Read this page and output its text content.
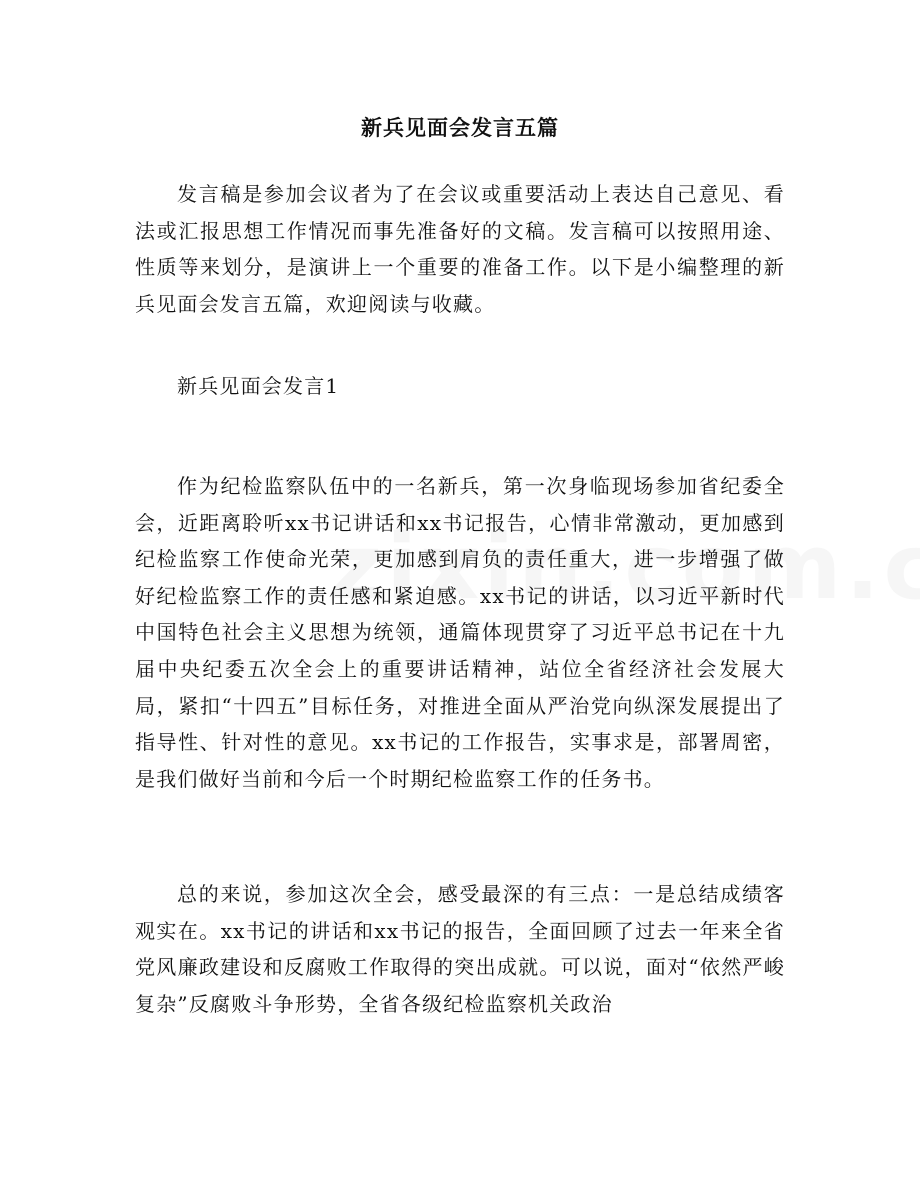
新兵见面会发言五篇

发言稿是参加会议者为了在会议或重要活动上表达自己意见、看法或汇报思想工作情况而事先准备好的文稿。发言稿可以按照用途、性质等来划分，是演讲上一个重要的准备工作。以下是小编整理的新兵见面会发言五篇，欢迎阅读与收藏。

新兵见面会发言1

作为纪检监察队伍中的一名新兵，第一次身临现场参加省纪委全会，近距离聆听xx书记讲话和xx书记报告，心情非常激动，更加感到纪检监察工作使命光荣，更加感到肩负的责任重大，进一步增强了做好纪检监察工作的责任感和紧迫感。xx书记的讲话，以习近平新时代中国特色社会主义思想为统领，通篇体现贯穿了习近平总书记在十九届中央纪委五次全会上的重要讲话精神，站位全省经济社会发展大局，紧扣“十四五”目标任务，对推进全面从严治党向纵深发展提出了指导性、针对性的意见。xx书记的工作报告，实事求是，部署周密，是我们做好当前和今后一个时期纪检监察工作的任务书。

总的来说，参加这次全会，感受最深的有三点：一是总结成绩客观实在。xx书记的讲话和xx书记的报告，全面回顾了过去一年来全省党风廉政建设和反腐败工作取得的突出成就。可以说，面对“依然严峻复杂”反腐败斗争形势，全省各级纪检监察机关政治
